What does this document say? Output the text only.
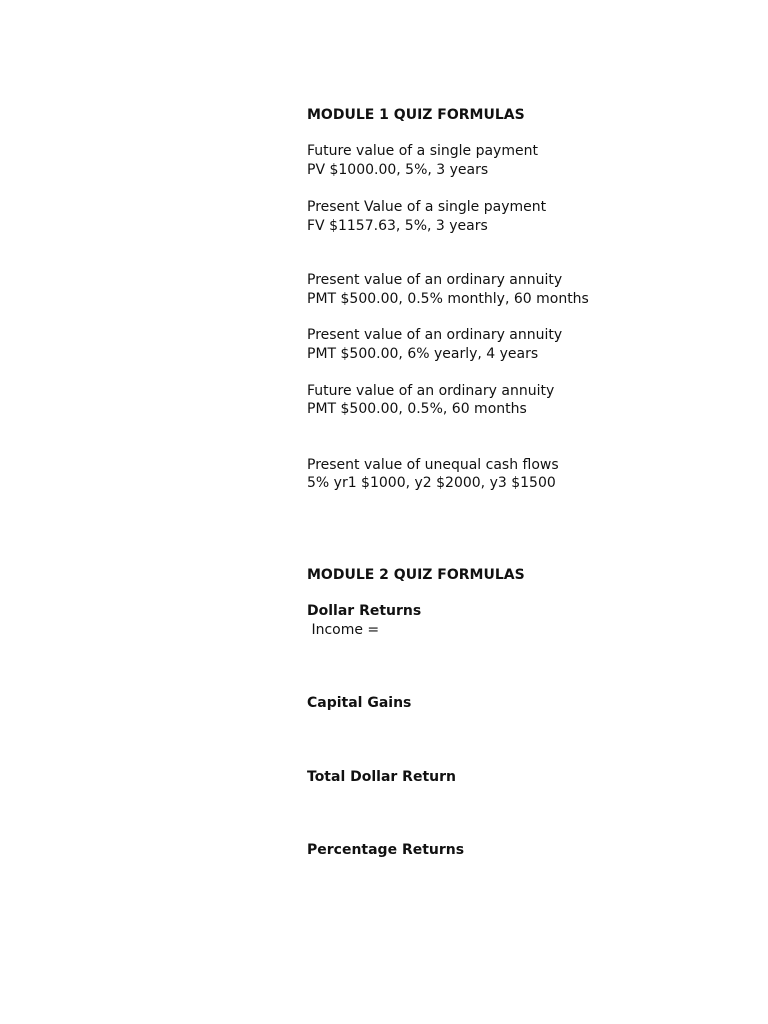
MODULE 1 QUIZ FORMULAS
Future value of a single payment
PV $1000.00, 5%, 3 years
Present Value of a single payment
FV $1157.63, 5%, 3 years
Present value of an ordinary annuity
PMT $500.00, 0.5% monthly, 60 months
Present value of an ordinary annuity
PMT $500.00, 6% yearly, 4 years
Future value of an ordinary annuity
PMT $500.00, 0.5%, 60 months
Present value of unequal cash flows
5% yr1 $1000, y2 $2000, y3 $1500
MODULE 2 QUIZ FORMULAS
Dollar Returns
Income =
Capital Gains
Total Dollar Return
Percentage Returns
